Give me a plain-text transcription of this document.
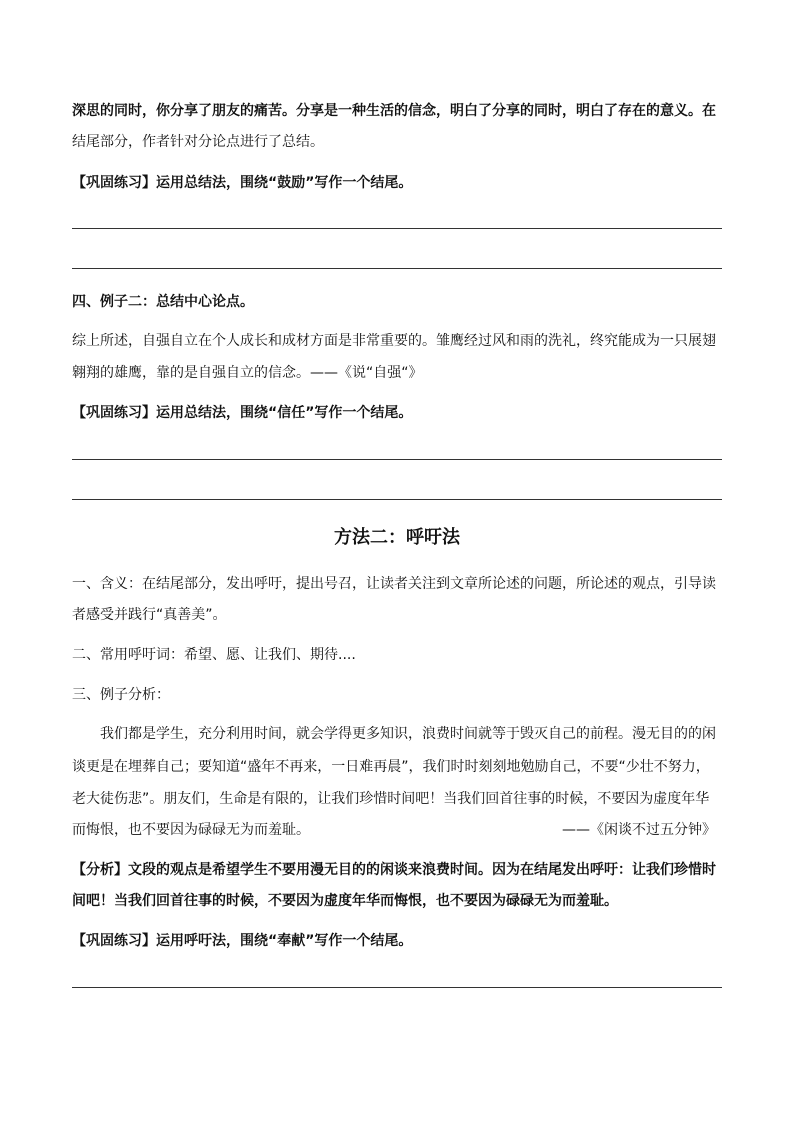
深思的同时，你分享了朋友的痛苦。分享是一种生活的信念，明白了分享的同时，明白了存在的意义。在
结尾部分，作者针对分论点进行了总结。
【巩固练习】运用总结法，围绕“鼓励”写作一个结尾。
四、例子二：总结中心论点。
综上所述，自强自立在个人成长和成材方面是非常重要的。雏鹰经过风和雨的洗礼，终究能成为一只展翅
翱翔的雄鹰，靠的是自强自立的信念。——《说“自强“》
【巩固练习】运用总结法，围绕“信任”写作一个结尾。
方法二：呼吁法
一、含义：在结尾部分，发出呼吁，提出号召，让读者关注到文章所论述的问题，所论述的观点，引导读
者感受并践行“真善美”。
二、常用呼吁词：希望、愿、让我们、期待....
三、例子分析：
我们都是学生，充分利用时间，就会学得更多知识，浪费时间就等于毁灭自己的前程。漫无目的的闲
谈更是在埋葬自己；要知道“盛年不再来，一日难再晨”，我们时时刻刻地勉励自己，不要“少壮不努力，
老大徒伤悲”。朋友们，生命是有限的，让我们珍惜时间吧！当我们回首往事的时候，不要因为虚度年华
而悔恨，也不要因为碌碌无为而羞耻。	——《闲谈不过五分钟》
【分析】文段的观点是希望学生不要用漫无目的的闲谈来浪费时间。因为在结尾发出呼吁：让我们珍惜时
间吧！当我们回首往事的时候，不要因为虚度年华而悔恨，也不要因为碌碌无为而羞耻。
【巩固练习】运用呼吁法，围绕“奉献”写作一个结尾。
